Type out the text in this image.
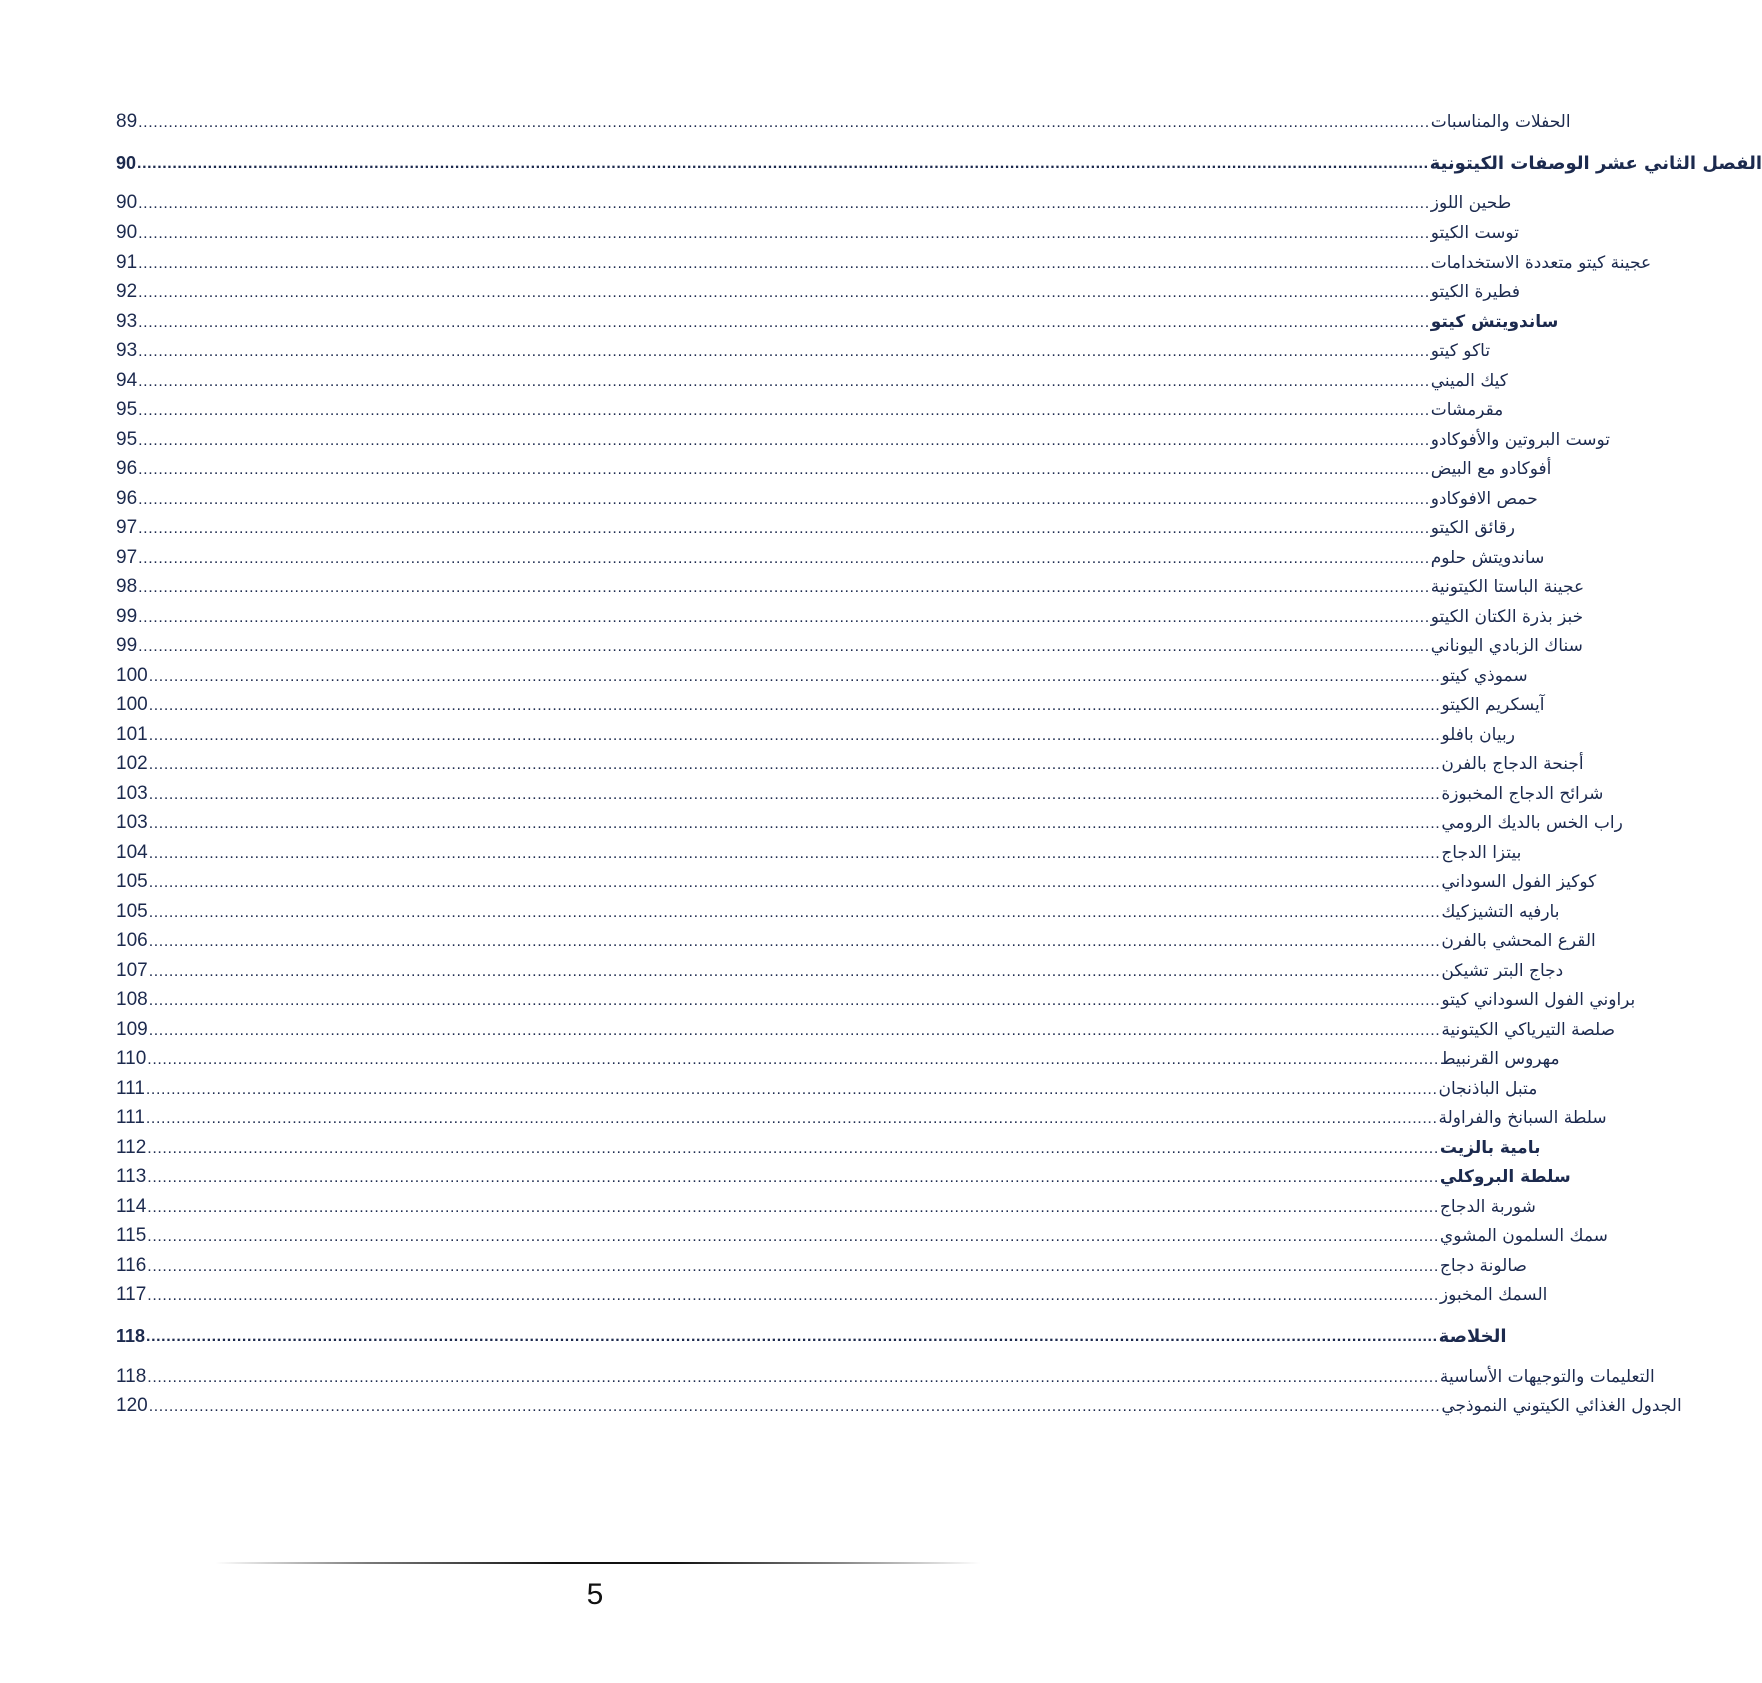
89 .....	الحفلات والمناسبات
90 .....	الفصل الثاني عشر الوصفات الكيتونية
90 .....	طحين اللوز
90 .....	توست الكيتو
91 .....	عجينة كيتو متعددة الاستخدامات
92 .....	فطيرة الكيتو
93 .....	ساندويتش كيتو
93 .....	تاكو كيتو
94 .....	كيك الميني
95 .....	مقرمشات
95 .....	توست البروتين والأفوكادو
96 .....	أفوكادو مع البيض
96 .....	حمص الافوكادو
97 .....	رقائق الكيتو
97 .....	ساندويتش حلوم
98 .....	عجينة الباستا الكيتونية
99 .....	خبز بذرة الكتان الكيتو
99 .....	سناك الزبادي اليوناني
100 .....	سموذي كيتو
100 .....	آيسكريم الكيتو
101 .....	ربيان بافلو
102 .....	أجنحة الدجاج بالفرن
103 .....	شرائح الدجاج المخبوزة
103 .....	راب الخس بالديك الرومي
104 .....	بيتزا الدجاج
105 .....	كوكيز الفول السوداني
105 .....	بارفيه التشيزكيك
106 .....	القرع المحشي بالفرن
107 .....	دجاج البتر تشيكن
108 .....	براوني الفول السوداني كيتو
109 .....	صلصة التيرياكي الكيتونية
110 .....	مهروس القرنبيط
111 .....	متبل الباذنجان
111 .....	سلطة السبانخ والفراولة
112 .....	بامية بالزيت
113 .....	سلطة البروكلي
114 .....	شوربة الدجاج
115 .....	سمك السلمون المشوي
116 .....	صالونة دجاج
117 .....	السمك المخبوز
118 .....	الخلاصة
118 .....	التعليمات والتوجيهات الأساسية
120 .....	الجدول الغذائي الكيتوني النموذجي
5
